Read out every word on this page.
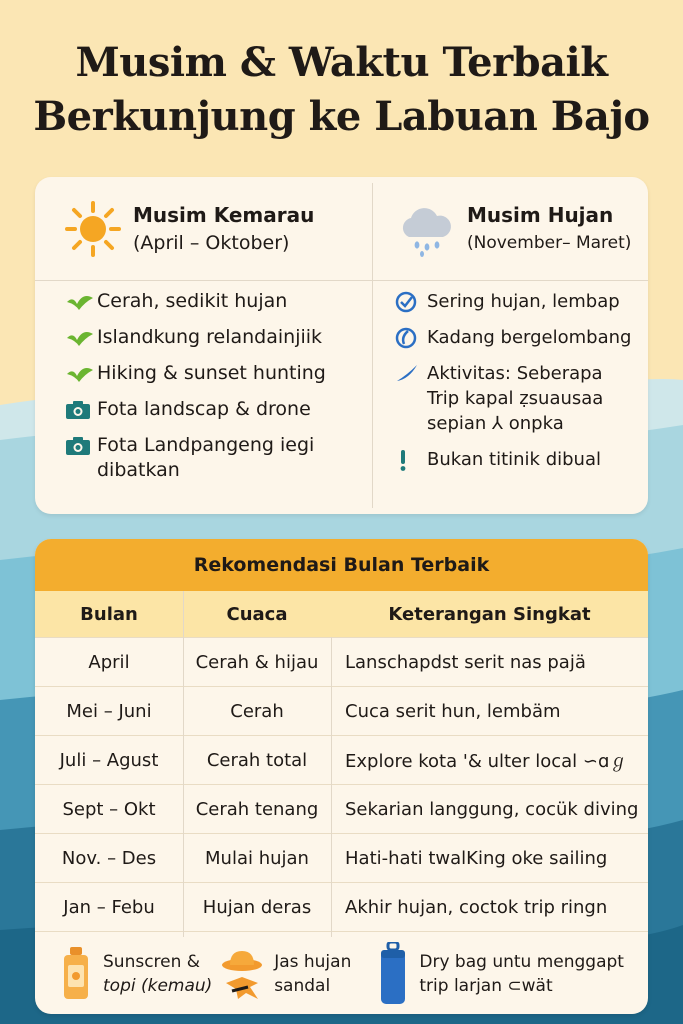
Musim & Waktu Terbaik
Berkunjung ke Labuan Bajo
Musim Kemarau
(April – Oktober)
Musim Hujan
(November– Maret)
Cerah, sedikit hujan
Islandkung relandainjiik
Hiking & sunset hunting
Fota landscap & drone
Fota Landpangeng iegi dibatkan
Sering hujan, lembap
Kadang bergelombang
Aktivitas: Seberapa Trip kapal ẓsuausaa sepian ⅄ onpka
Bukan titinik dibual
Rekomendasi Bulan Terbaik
Bulan	Cuaca	Keterangan Singkat
April	Cerah & hijau	Lanschapdst serit nas pajä
Mei – Juni	Cerah	Cuca serit hun, lembäm
Juli – Agust	Cerah total	Explore kota '& ulter local ∽ɑℊ
Sept – Okt	Cerah tenang	Sekarian langgung, cocük diving
Nov. – Des	Mulai hujan	Hati-hati twalKing oke sailing
Jan – Febu	Hujan deras	Akhir hujan, coctok trip ringn
Sunscren &
topi (kemau)
Jas hujan
sandal
Dry bag untu menggapt
trip larjan ⊂wät
